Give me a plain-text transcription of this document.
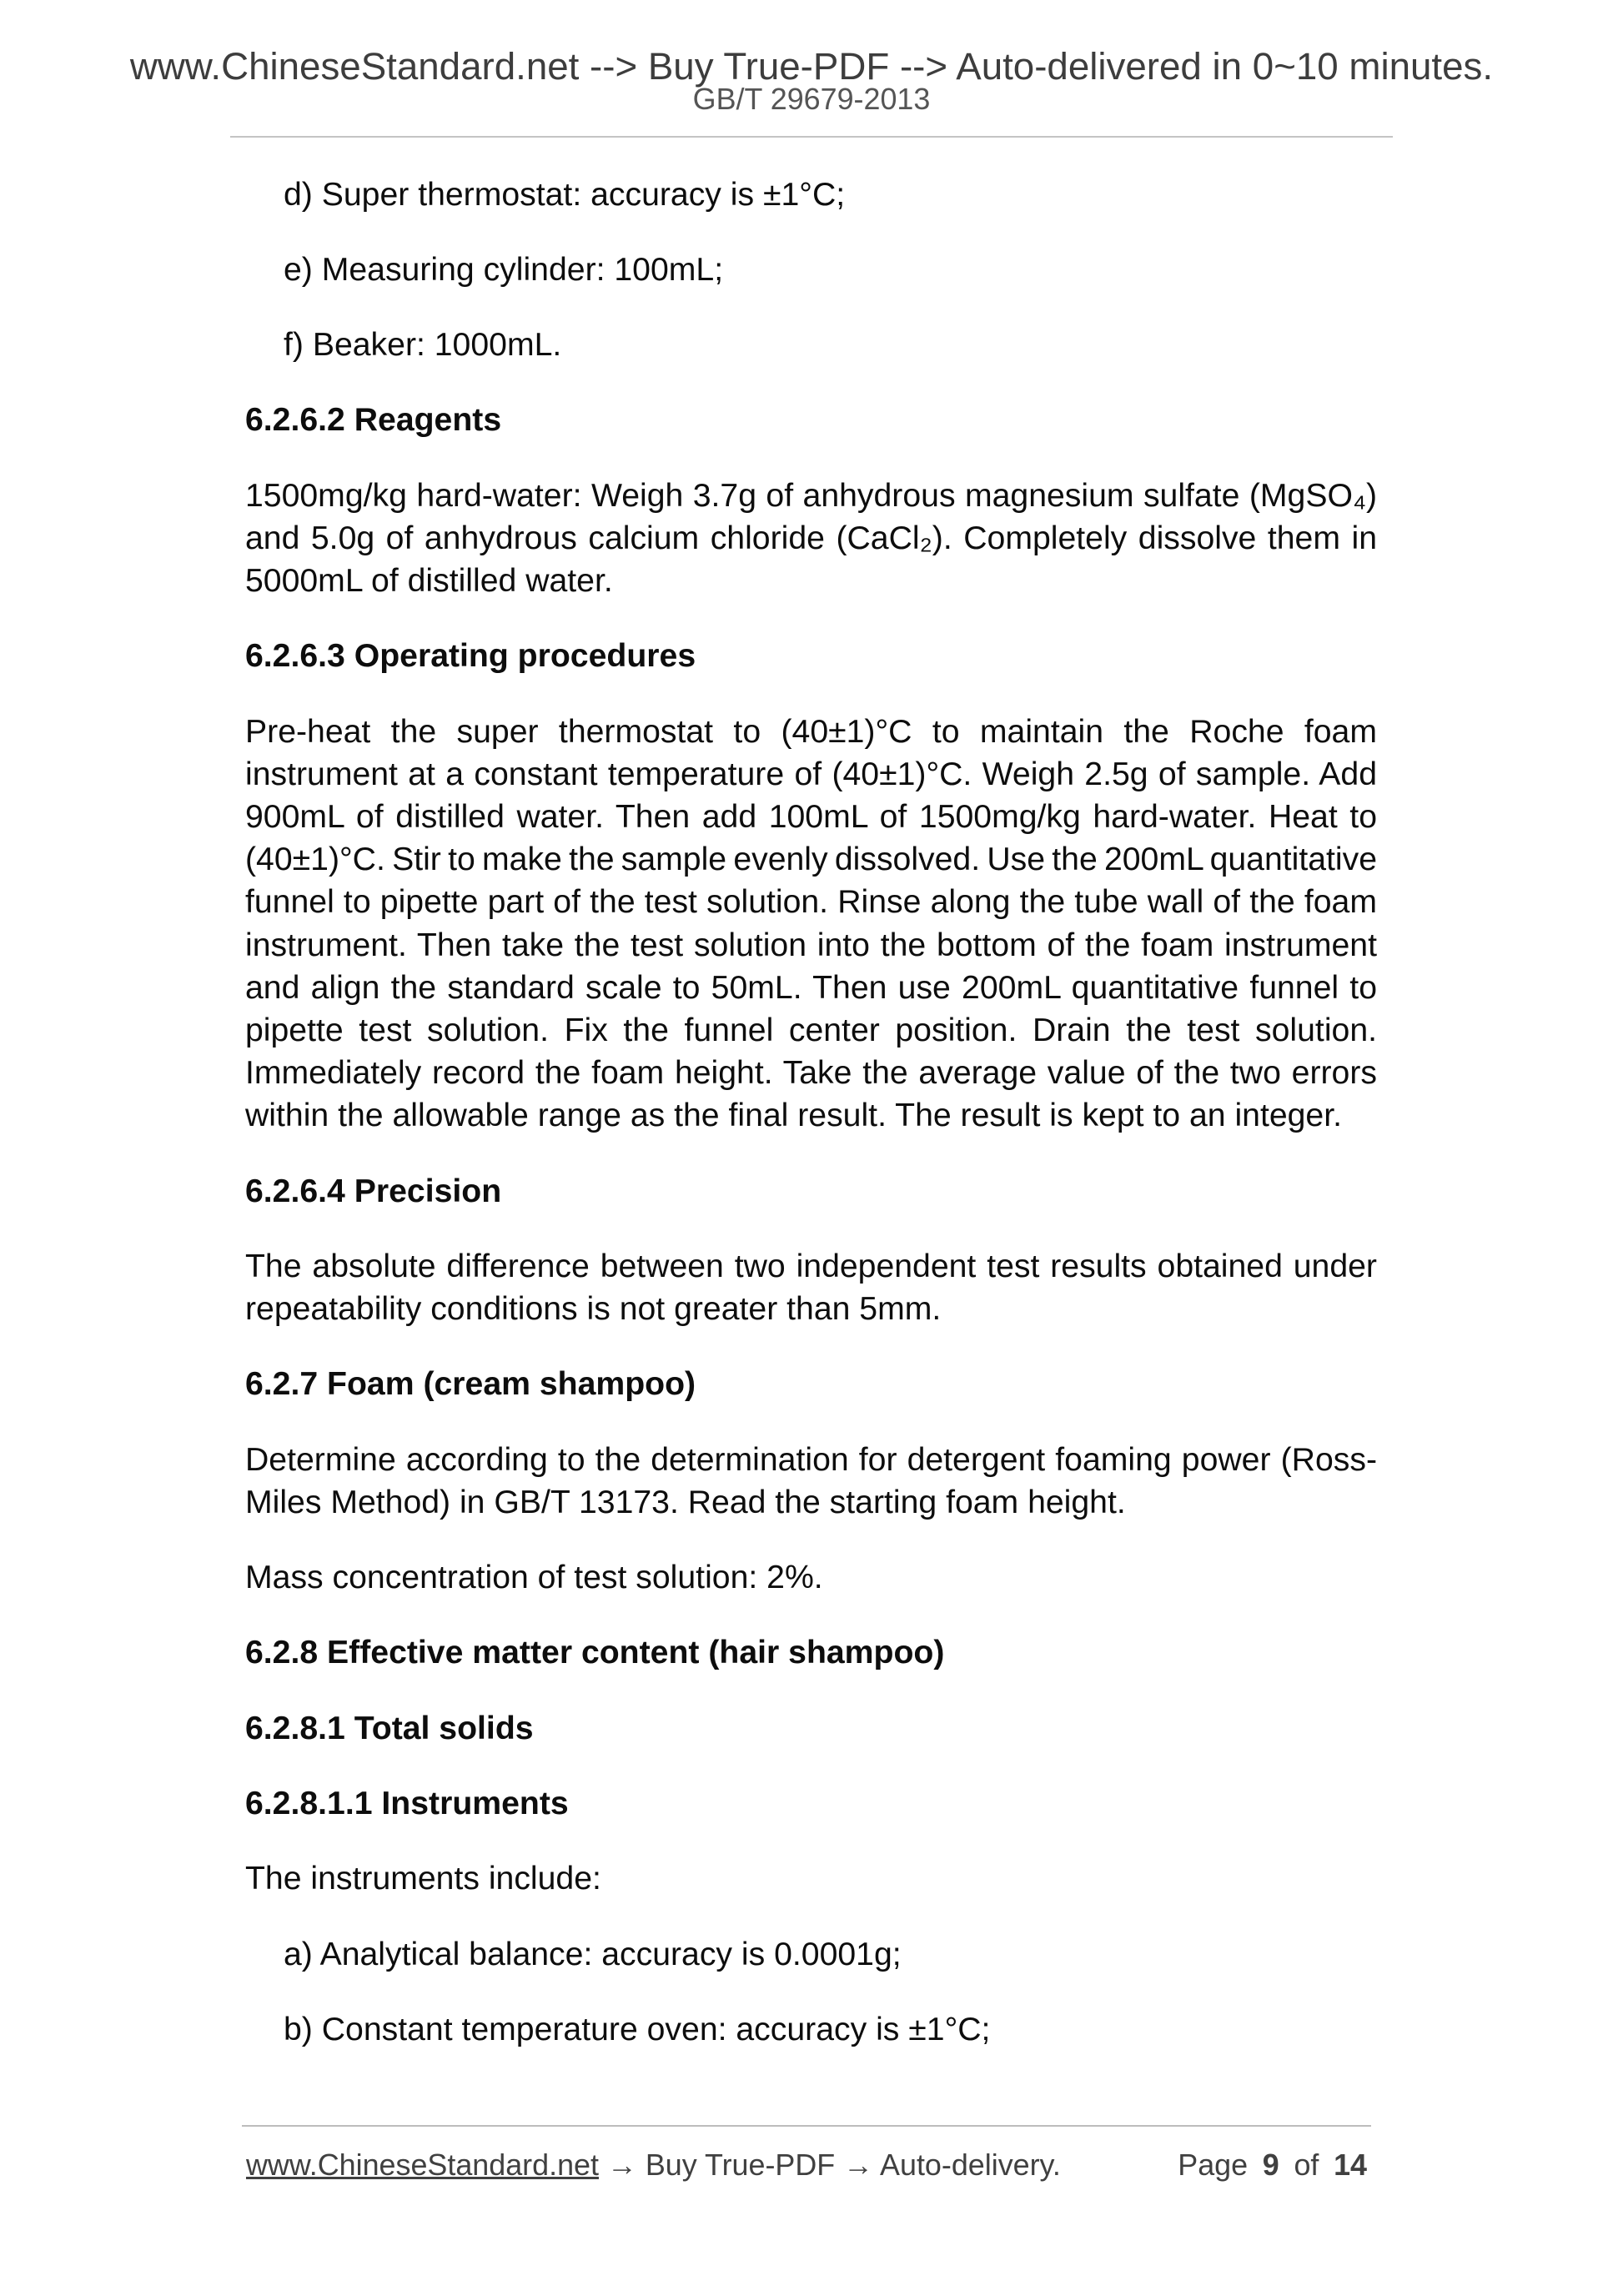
www.ChineseStandard.net --> Buy True-PDF --> Auto-delivered in 0~10 minutes.
GB/T 29679-2013
d) Super thermostat: accuracy is ±1°C;
e) Measuring cylinder: 100mL;
f) Beaker: 1000mL.
6.2.6.2 Reagents
1500mg/kg hard-water: Weigh 3.7g of anhydrous magnesium sulfate (MgSO₄)
and 5.0g of anhydrous calcium chloride (CaCl₂). Completely dissolve them in
5000mL of distilled water.
6.2.6.3 Operating procedures
Pre-heat the super thermostat to (40±1)°C to maintain the Roche foam
instrument at a constant temperature of (40±1)°C. Weigh 2.5g of sample. Add
900mL of distilled water. Then add 100mL of 1500mg/kg hard-water. Heat to
(40±1)°C. Stir to make the sample evenly dissolved. Use the 200mL quantitative
funnel to pipette part of the test solution. Rinse along the tube wall of the foam
instrument. Then take the test solution into the bottom of the foam instrument
and align the standard scale to 50mL. Then use 200mL quantitative funnel to
pipette test solution. Fix the funnel center position. Drain the test solution.
Immediately record the foam height. Take the average value of the two errors
within the allowable range as the final result. The result is kept to an integer.
6.2.6.4 Precision
The absolute difference between two independent test results obtained under
repeatability conditions is not greater than 5mm.
6.2.7 Foam (cream shampoo)
Determine according to the determination for detergent foaming power (Ross-
Miles Method) in GB/T 13173. Read the starting foam height.
Mass concentration of test solution: 2%.
6.2.8 Effective matter content (hair shampoo)
6.2.8.1 Total solids
6.2.8.1.1 Instruments
The instruments include:
a) Analytical balance: accuracy is 0.0001g;
b) Constant temperature oven: accuracy is ±1°C;
www.ChineseStandard.net → Buy True-PDF → Auto-delivery.	Page 9 of 14
